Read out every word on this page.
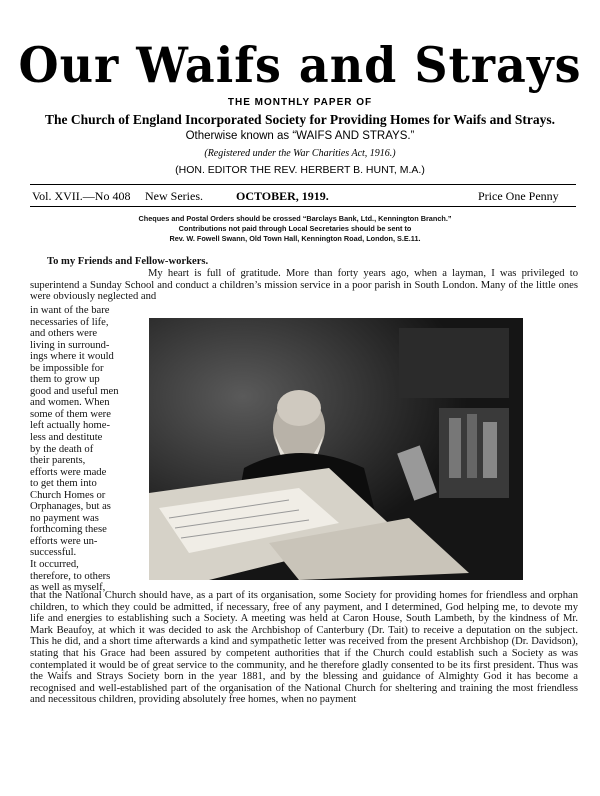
Our Waifs and Strays
THE MONTHLY PAPER OF
The Church of England Incorporated Society for Providing Homes for Waifs and Strays.
Otherwise known as “WAIFS AND STRAYS.”
(Registered under the War Charities Act, 1916.)
(HON. EDITOR THE REV. HERBERT B. HUNT, M.A.)
Vol. XVII.—No 408 New Series.	OCTOBER, 1919.	Price One Penny
Cheques and Postal Orders should be crossed “Barclays Bank, Ltd., Kennington Branch.”
Contributions not paid through Local Secretaries should be sent to
Rev. W. Fowell Swann, Old Town Hall, Kennington Road, London, S.E.11.
To my Friends and Fellow-workers.
My heart is full of gratitude. More than forty years ago, when a layman, I was privileged to superintend a Sunday School and conduct a children’s mission service in a poor parish in South London. Many of the little ones were obviously neglected and
in want of the bare
necessaries of life,
and others were
living in surround-
ings where it would
be impossible for
them to grow up
good and useful men
and women. When
some of them were
left actually home-
less and destitute
by the death of
their parents,
efforts were made
to get them into
Church Homes or
Orphanages, but as
no payment was
forthcoming these
efforts were un-
successful.
It occurred,
therefore, to others
as well as myself,
that the National Church should have, as a part of its organisation, some Society for providing homes for friendless and orphan children, to which they could be admitted, if necessary, free of any payment, and I determined, God helping me, to devote my life and energies to establishing such a Society. A meeting was held at Caron House, South Lambeth, by the kindness of Mr. Mark Beaufoy, at which it was decided to ask the Archbishop of Canterbury (Dr. Tait) to receive a deputation on the subject. This he did, and a short time afterwards a kind and sympathetic letter was received from the present Archbishop (Dr. Davidson), stating that his Grace had been assured by competent authorities that if the Church could establish such a Society as was contemplated it would be of great service to the community, and he therefore gladly consented to be its first president. Thus was the Waifs and Strays Society born in the year 1881, and by the blessing and guidance of Almighty God it has become a recognised and well-established part of the organisation of the National Church for sheltering and training the most friendless and necessitous children, providing absolutely free homes, when no payment
